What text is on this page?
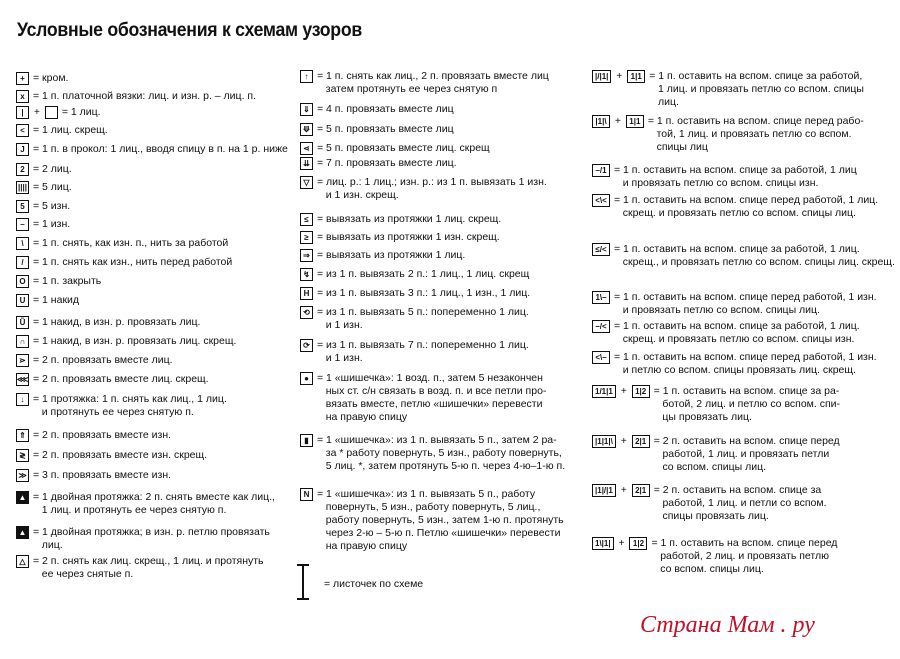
Условные обозначения к схемам узоров
+ = кром.
x = 1 п. платочной вязки: лиц. и изн. р. – лиц. п.
|	+ = 1 лиц.
< = 1 лиц. скрещ.
J = 1 п. в прокол: 1 лиц., вводя спицу в п. на 1 р. ниже
2 = 2 лиц.
|||| = 5 лиц.
5 = 5 изн.
– = 1 изн.
\ = 1 п. снять, как изн. п., нить за работой
/ = 1 п. снять как изн., нить перед работой
O = 1 п. закрыть
U = 1 накид
Ũ = 1 накид, в изн. р. провязать лиц.
∩ = 1 накид, в изн. р. провязать лиц. скрещ.
⋗ = 2 п. провязать вместе лиц.
⋘ = 2 п. провязать вместе лиц. скрещ.
↓ = 1 протяжка: 1 п. снять как лиц., 1 лиц.
и протянуть ее через снятую п.
⇑ = 2 п. провязать вместе изн.
≷ = 2 п. провязать вместе изн. скрещ.
≫ = 3 п. провязать вместе изн.
▲ = 1 двойная протяжка: 2 п. снять вместе как лиц.,
1 лиц. и протянуть ее через снятую п.
▲ = 1 двойная протяжка; в изн. р. петлю провязать
лиц.
△ = 2 п. снять как лиц. скрещ., 1 лиц. и протянуть
ее через снятые п.
↑ = 1 п. снять как лиц., 2 п. провязать вместе лиц
затем протянуть ее через снятую п
⇓ = 4 п. провязать вместе лиц
⟱ = 5 п. провязать вместе лиц
⋖ = 5 п. провязать вместе лиц. скрещ
⇊ = 7 п. провязать вместе лиц.
▽ = лиц. р.: 1 лиц.; изн. р.: из 1 п. вывязать 1 изн.
и 1 изн. скрещ.
≤ = вывязать из протяжки 1 лиц. скрещ.
≥ = вывязать из протяжки 1 изн. скрещ.
⇒ = вывязать из протяжки 1 лиц.
↯ = из 1 п. вывязать 2 п.: 1 лиц., 1 лиц. скрещ
H = из 1 п. вывязать 3 п.: 1 лиц., 1 изн., 1 лиц.
⟲ = из 1 п. вывязать 5 п.: попеременно 1 лиц.
и 1 изн.
⟳ = из 1 п. вывязать 7 п.: попеременно 1 лиц.
и 1 изн.
● = 1 «шишечка»: 1 возд. п., затем 5 незакончен
ных ст. с/н связать в возд. п. и все петли про-
вязать вместе, петлю «шишечки» перевести
на правую спицу
▮ = 1 «шишечка»: из 1 п. вывязать 5 п., затем 2 ра-
за * работу повернуть, 5 изн., работу повернуть,
5 лиц. *, затем протянуть 5-ю п. через 4-ю–1-ю п.
N = 1 «шишечка»: из 1 п. вывязать 5 п., работу
повернуть, 5 изн., работу повернуть, 5 лиц.,
работу повернуть, 5 изн., затем 1-ю п. протянуть
через 2-ю – 5-ю п. Петлю «шишечки» перевести
на правую спицу
= листочек по схеме
|/|1| +	1|1 = 1 п. оставить на вспом. спице за работой,
1 лиц. и провязать петлю со вспом. спицы
лиц.
|1|\ +	1|1 = 1 п. оставить на вспом. спице перед рабо-
той, 1 лиц. и провязать петлю со вспом.
спицы лиц
–/1 = 1 п. оставить на вспом. спице за работой, 1 лиц
и провязать петлю со вспом. спицы изн.
<\< = 1 п. оставить на вспом. спице перед работой, 1 лиц.
скрещ. и провязать петлю со вспом. спицы лиц.
≤/< = 1 п. оставить на вспом. спице за работой, 1 лиц.
скрещ., и провязать петлю со вспом. спицы лиц. скрещ.
1\– = 1 п. оставить на вспом. спице перед работой, 1 изн.
и провязать петлю со вспом. спицы лиц.
–/< = 1 п. оставить на вспом. спице за работой, 1 лиц.
скрещ. и провязать петлю со вспом. спицы изн.
<\– = 1 п. оставить на вспом. спице перед работой, 1 изн.
и петлю со вспом. спицы провязать лиц. скрещ.
1/1|1 +	1|2 = 1 п. оставить на вспом. спице за ра-
ботой, 2 лиц. и петлю со вспом. спи-
цы провязать лиц.
|1|1|\ +	2|1 = 2 п. оставить на вспом. спице перед
работой, 1 лиц. и провязать петли
со вспом. спицы лиц.
|1|/|1 +	2|1 = 2 п. оставить на вспом. спице за
работой, 1 лиц. и петли со вспом.
спицы провязать лиц.
1\|1| +	1|2 = 1 п. оставить на вспом. спице перед
работой, 2 лиц. и провязать петлю
со вспом. спицы лиц.
Страна Мам . ру
